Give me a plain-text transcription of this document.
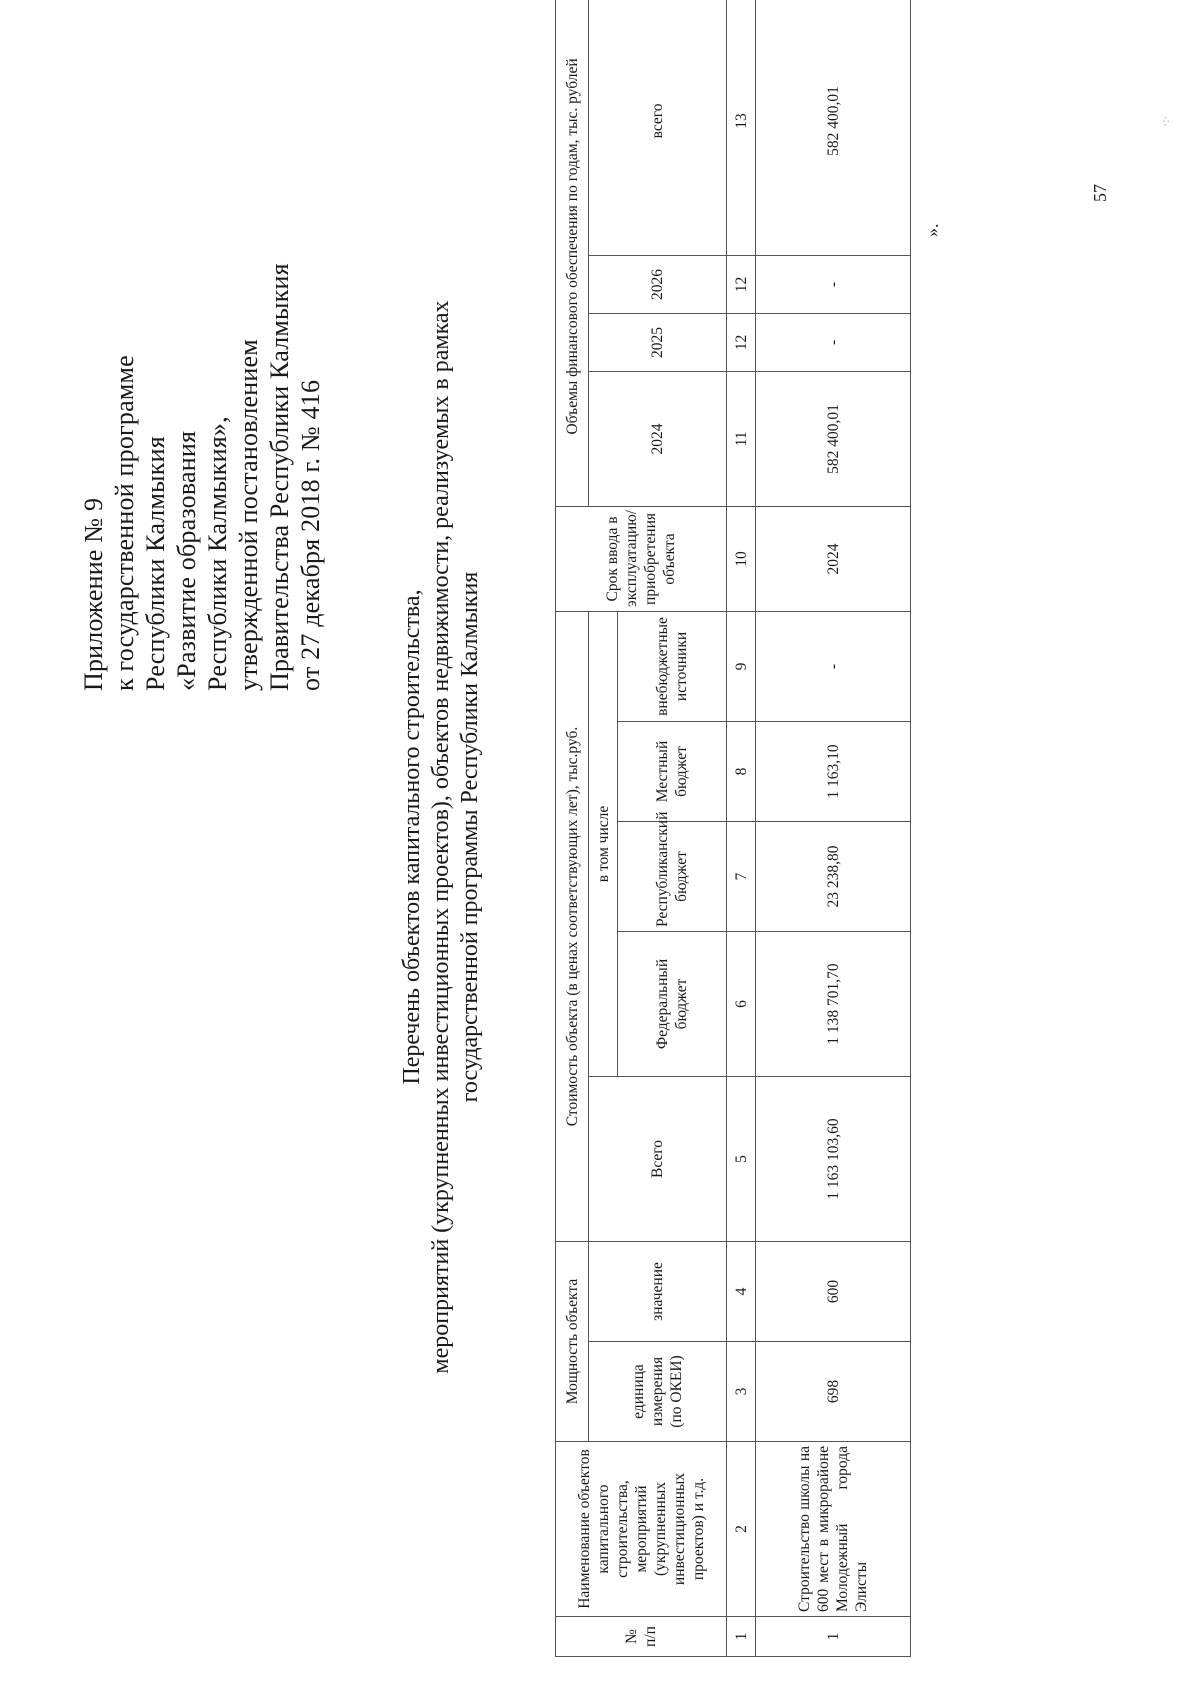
Приложение № 9 к государственной программе Республики Калмыкия «Развитие образования Республики Калмыкия», утвержденной постановлением Правительства Республики Калмыкия от 27 декабря 2018 г. № 416
Перечень объектов капитального строительства, мероприятий (укрупненных инвестиционных проектов), объектов недвижимости, реализуемых в рамках государственной программы Республики Калмыкия
№ п/п	Наименование объектов капитального строительства, мероприятий (укрупненных инвестиционных проектов) и т.д.	Мощность объекта		Стоимость объекта (в ценах соответствующих лет), тыс.руб.					Срок ввода в эксплуатацию/приобретения объекта	Объемы финансового обеспечения по годам, тыс. рублей			
		единица измерения (по ОКЕИ)	значение	Всего	в том числе					2024	2025	2026	всего
					Федеральный бюджет	Республиканский бюджет	Местный бюджет	внебюджетные источники					
1	2	3	4	5	6	7	8	9	10	11	12	12	13
1	Строительство школы на 600 мест в микрорайоне Молодежный города Элисты	698	600	1 163 103,60	1 138 701,70	23 238,80	1 163,10	-	2024	582 400,01	-	-	582 400,01
».
57
·:·
